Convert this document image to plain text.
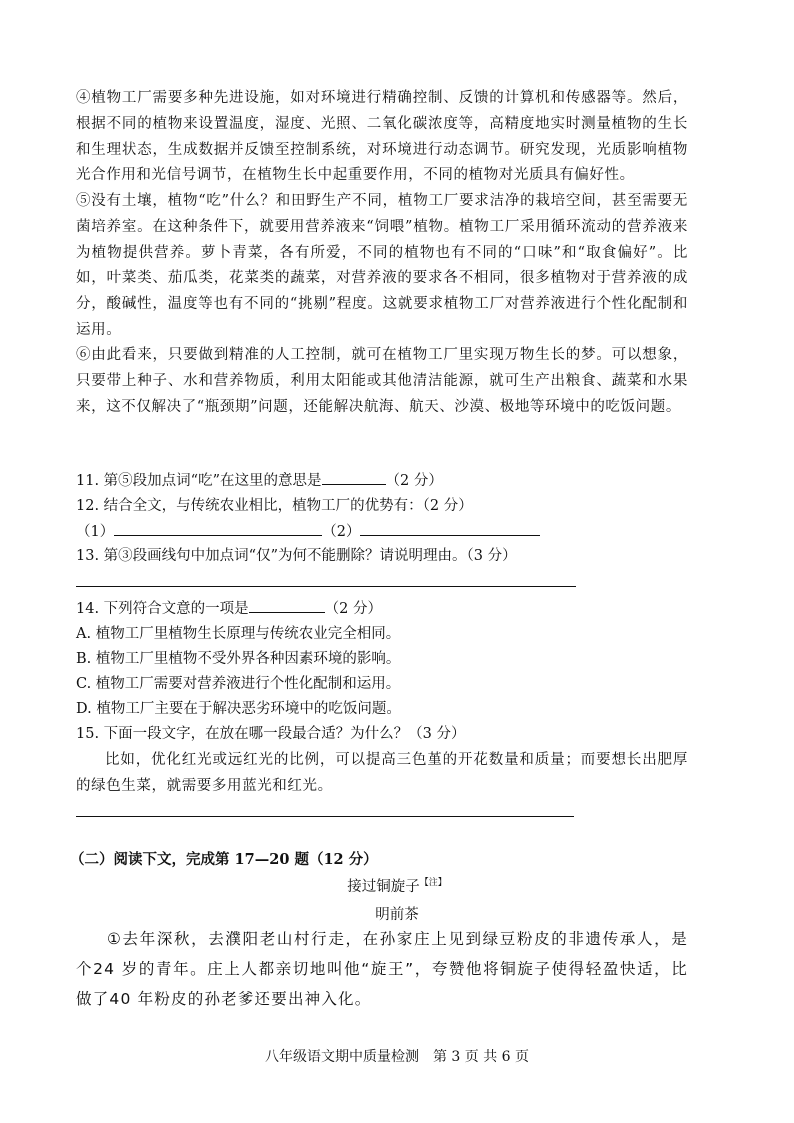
④植物工厂需要多种先进设施，如对环境进行精确控制、反馈的计算机和传感器等。然后，根据不同的植物来设置温度，湿度、光照、二氧化碳浓度等，高精度地实时测量植物的生长和生理状态，生成数据并反馈至控制系统，对环境进行动态调节。研究发现，光质影响植物光合作用和光信号调节，在植物生长中起重要作用，不同的植物对光质具有偏好性。

⑤没有土壤，植物“吃”什么？和田野生产不同，植物工厂要求洁净的栽培空间，甚至需要无菌培养室。在这种条件下，就要用营养液来“饲喂”植物。植物工厂采用循环流动的营养液来为植物提供营养。萝卜青菜，各有所爱，不同的植物也有不同的“口味”和“取食偏好”。比如，叶菜类、茄瓜类，花菜类的蔬菜，对营养液的要求各不相同，很多植物对于营养液的成分，酸碱性，温度等也有不同的“挑剔”程度。这就要求植物工厂对营养液进行个性化配制和运用。

⑥由此看来，只要做到精准的人工控制，就可在植物工厂里实现万物生长的梦。可以想象，只要带上种子、水和营养物质，利用太阳能或其他清洁能源，就可生产出粮食、蔬菜和水果来，这不仅解决了“瓶颈期”问题，还能解决航海、航天、沙漠、极地等环境中的吃饭问题。

11. 第⑤段加点词“吃”在这里的意思是	（2 分）
12. 结合全文，与传统农业相比，植物工厂的优势有：（2 分）
（1）	（2）
13. 第③段画线句中加点词“仅”为何不能删除？请说明理由。（3 分）
14. 下列符合文意的一项是	（2 分）
A. 植物工厂里植物生长原理与传统农业完全相同。
B. 植物工厂里植物不受外界各种因素环境的影响。
C. 植物工厂需要对营养液进行个性化配制和运用。
D. 植物工厂主要在于解决恶劣环境中的吃饭问题。
15. 下面一段文字，在放在哪一段最合适？为什么？（3 分）

比如，优化红光或远红光的比例，可以提高三色堇的开花数量和质量；而要想长出肥厚的绿色生菜，就需要多用蓝光和红光。

（二）阅读下文，完成第 17—20 题（12 分）
接过铜旋子$^{【注】}$
明前茶

①去年深秋，去濮阳老山村行走，在孙家庄上见到绿豆粉皮的非遗传承人，是个24 岁的青年。庄上人都亲切地叫他“旋王”，夸赞他将铜旋子使得轻盈快适，比做了40 年粉皮的孙老爹还要出神入化。

八年级语文期中质量检测　第 3 页 共 6 页
